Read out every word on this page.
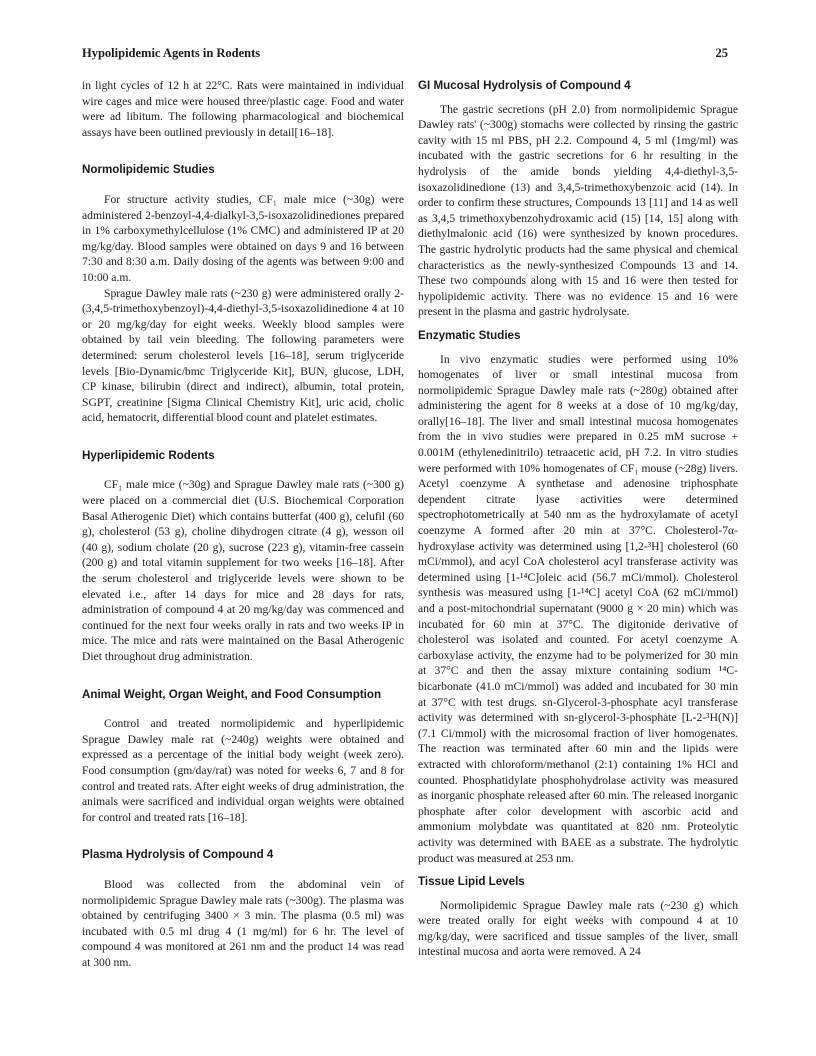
Hypolipidemic Agents in Rodents	25

in light cycles of 12 h at 22°C. Rats were maintained in individual wire cages and mice were housed three/plastic cage. Food and water were ad libitum. The following pharmacological and biochemical assays have been outlined previously in detail[16–18].

Normolipidemic Studies

For structure activity studies, CF₁ male mice (~30g) were administered 2-benzoyl-4,4-dialkyl-3,5-isoxazolidinediones prepared in 1% carboxymethylcellulose (1% CMC) and administered IP at 20 mg/kg/day. Blood samples were obtained on days 9 and 16 between 7:30 and 8:30 a.m. Daily dosing of the agents was between 9:00 and 10:00 a.m.

Sprague Dawley male rats (~230 g) were administered orally 2-(3,4,5-trimethoxybenzoyl)-4,4-diethyl-3,5-isoxazolidinedione 4 at 10 or 20 mg/kg/day for eight weeks. Weekly blood samples were obtained by tail vein bleeding. The following parameters were determined: serum cholesterol levels [16–18], serum triglyceride levels [Bio-Dynamic/bmc Triglyceride Kit], BUN, glucose, LDH, CP kinase, bilirubin (direct and indirect), albumin, total protein, SGPT, creatinine [Sigma Clinical Chemistry Kit], uric acid, cholic acid, hematocrit, differential blood count and platelet estimates.

Hyperlipidemic Rodents

CF₁ male mice (~30g) and Sprague Dawley male rats (~300 g) were placed on a commercial diet (U.S. Biochemical Corporation Basal Atherogenic Diet) which contains butterfat (400 g), celufil (60 g), cholesterol (53 g), choline dihydrogen citrate (4 g), wesson oil (40 g), sodium cholate (20 g), sucrose (223 g), vitamin-free cassein (200 g) and total vitamin supplement for two weeks [16–18]. After the serum cholesterol and triglyceride levels were shown to be elevated i.e., after 14 days for mice and 28 days for rats, administration of compound 4 at 20 mg/kg/day was commenced and continued for the next four weeks orally in rats and two weeks IP in mice. The mice and rats were maintained on the Basal Atherogenic Diet throughout drug administration.

Animal Weight, Organ Weight, and Food Consumption

Control and treated normolipidemic and hyperlipidemic Sprague Dawley male rat (~240g) weights were obtained and expressed as a percentage of the initial body weight (week zero). Food consumption (gm/day/rat) was noted for weeks 6, 7 and 8 for control and treated rats. After eight weeks of drug administration, the animals were sacrificed and individual organ weights were obtained for control and treated rats [16–18].

Plasma Hydrolysis of Compound 4

Blood was collected from the abdominal vein of normolipidemic Sprague Dawley male rats (~300g). The plasma was obtained by centrifuging 3400 × 3 min. The plasma (0.5 ml) was incubated with 0.5 ml drug 4 (1 mg/ml) for 6 hr. The level of compound 4 was monitored at 261 nm and the product 14 was read at 300 nm.

GI Mucosal Hydrolysis of Compound 4

The gastric secretions (pH 2.0) from normolipidemic Sprague Dawley rats' (~300g) stomachs were collected by rinsing the gastric cavity with 15 ml PBS, pH 2.2. Compound 4, 5 ml (1mg/ml) was incubated with the gastric secretions for 6 hr resulting in the hydrolysis of the amide bonds yielding 4,4-diethyl-3,5-isoxazolidinedione (13) and 3,4,5-trimethoxybenzoic acid (14). In order to confirm these structures, Compounds 13 [11] and 14 as well as 3,4,5 trimethoxybenzohydroxamic acid (15) [14, 15] along with diethylmalonic acid (16) were synthesized by known procedures. The gastric hydrolytic products had the same physical and chemical characteristics as the newly-synthesized Compounds 13 and 14. These two compounds along with 15 and 16 were then tested for hypolipidemic activity. There was no evidence 15 and 16 were present in the plasma and gastric hydrolysate.

Enzymatic Studies

In vivo enzymatic studies were performed using 10% homogenates of liver or small intestinal mucosa from normolipidemic Sprague Dawley male rats (~280g) obtained after administering the agent for 8 weeks at a dose of 10 mg/kg/day, orally[16–18]. The liver and small intestinal mucosa homogenates from the in vivo studies were prepared in 0.25 mM sucrose + 0.001M (ethylenedinitrilo) tetraacetic acid, pH 7.2. In vitro studies were performed with 10% homogenates of CF₁ mouse (~28g) livers. Acetyl coenzyme A synthetase and adenosine triphosphate dependent citrate lyase activities were determined spectrophotometrically at 540 nm as the hydroxylamate of acetyl coenzyme A formed after 20 min at 37°C. Cholesterol-7α-hydroxylase activity was determined using [1,2-³H] cholesterol (60 mCi/mmol), and acyl CoA cholesterol acyl transferase activity was determined using [1-¹⁴C]oleic acid (56.7 mCi/mmol). Cholesterol synthesis was measured using [1-¹⁴C] acetyl CoA (62 mCi/mmol) and a post-mitochondrial supernatant (9000 g × 20 min) which was incubated for 60 min at 37°C. The digitonide derivative of cholesterol was isolated and counted. For acetyl coenzyme A carboxylase activity, the enzyme had to be polymerized for 30 min at 37°C and then the assay mixture containing sodium ¹⁴C-bicarbonate (41.0 mCi/mmol) was added and incubated for 30 min at 37°C with test drugs. sn-Glycerol-3-phosphate acyl transferase activity was determined with sn-glycerol-3-phosphate [L-2-³H(N)] (7.1 Ci/mmol) with the microsomal fraction of liver homogenates. The reaction was terminated after 60 min and the lipids were extracted with chloroform/methanol (2:1) containing 1% HCl and counted. Phosphatidylate phosphohydrolase activity was measured as inorganic phosphate released after 60 min. The released inorganic phosphate after color development with ascorbic acid and ammonium molybdate was quantitated at 820 nm. Proteolytic activity was determined with BAEE as a substrate. The hydrolytic product was measured at 253 nm.

Tissue Lipid Levels

Normolipidemic Sprague Dawley male rats (~230 g) which were treated orally for eight weeks with compound 4 at 10 mg/kg/day, were sacrificed and tissue samples of the liver, small intestinal mucosa and aorta were removed. A 24
